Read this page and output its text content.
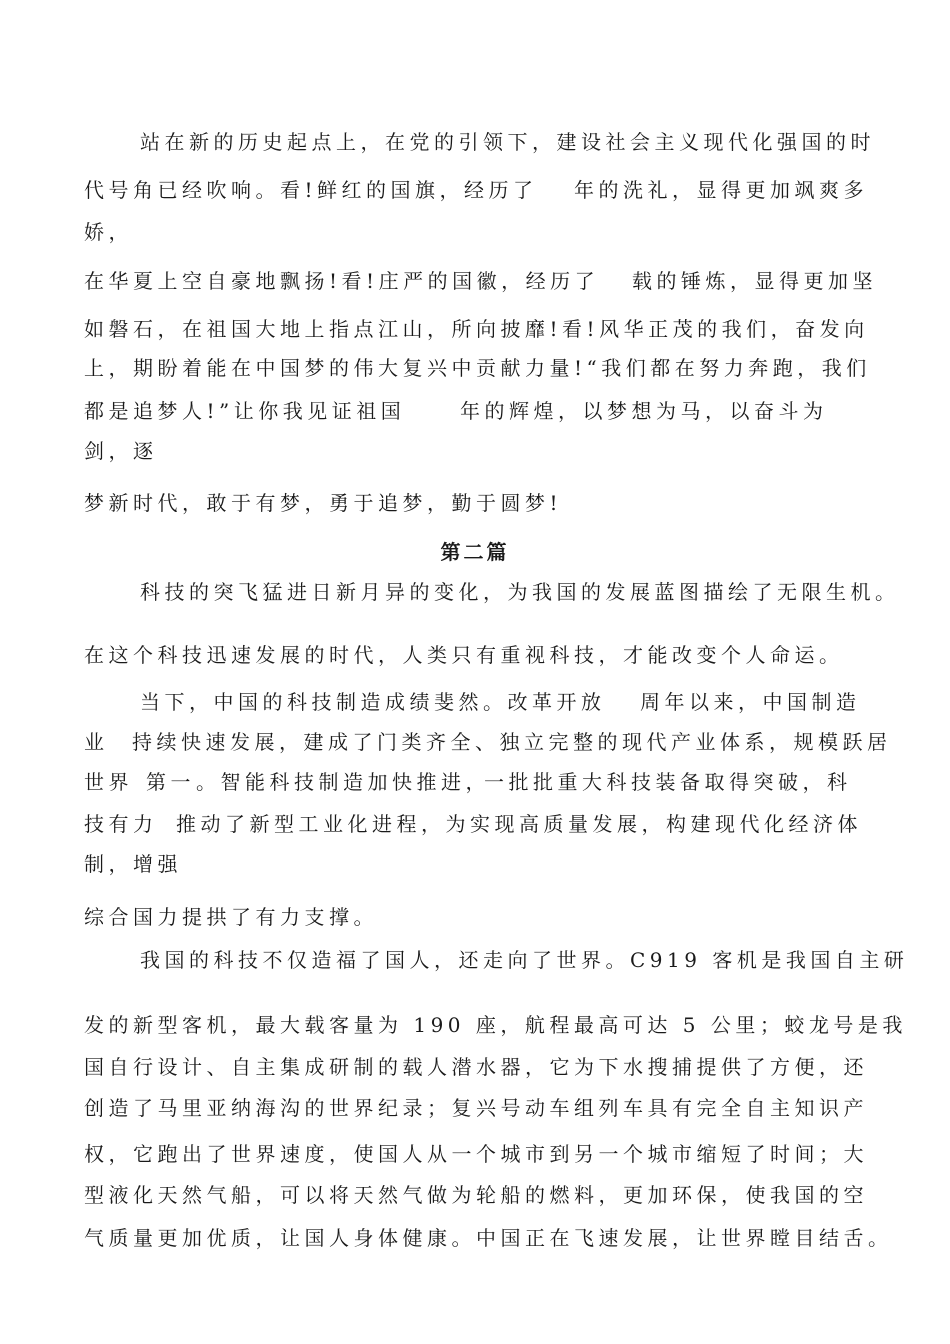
站在新的历史起点上，在党的引领下，建设社会主义现代化强国的时
代号角已经吹响。看!鲜红的国旗，经历了 年的洗礼，显得更加飒爽多
娇，
在华夏上空自豪地飘扬!看!庄严的国徽，经历了 载的锤炼，显得更加坚
如磐石，在祖国大地上指点江山，所向披靡!看!风华正茂的我们，奋发向
上，期盼着能在中国梦的伟大复兴中贡献力量!“我们都在努力奔跑，我们
都是追梦人!”让你我见证祖国	年的辉煌，以梦想为马，以奋斗为
剑，逐
梦新时代，敢于有梦，勇于追梦，勤于圆梦!
第二篇
科技的突飞猛进日新月异的变化，为我国的发展蓝图描绘了无限生机。
在这个科技迅速发展的时代，人类只有重视科技，才能改变个人命运。
当下，中国的科技制造成绩斐然。改革开放 周年以来，中国制造
业 持续快速发展，建成了门类齐全、独立完整的现代产业体系，规模跃居
世界 第一 。智能科技制造加快推进，
一批批重大科技装备取得突破，科
技有力 推动了新型工业化进程，为实现高质量发展，构建现代化经济体
制，增强
综合国力提拱了有力支撑。
我国的科技不仅造福了国人，还走向了世界。C919 客机是我国自主研
发的新型客机，最大载客量为 190 座，航程最高可达 5 公里；蛟龙号是我
国自行设计、自主集成研制的载人潜水器，它为下水搜捕提供了方便，还
创造了马里亚纳海沟的世界纪录；复兴号动车组列车具有完全自主知识产
权，它跑出了世界速度，使国人从一个城市到另一个城市缩短了时间；大
型液化天然气船，可以将天然气做为轮船的燃料，更加环保，使我国的空
气质量更加优质，让国人身体健康。中国正在飞速发展，让世界瞠目结舌。
